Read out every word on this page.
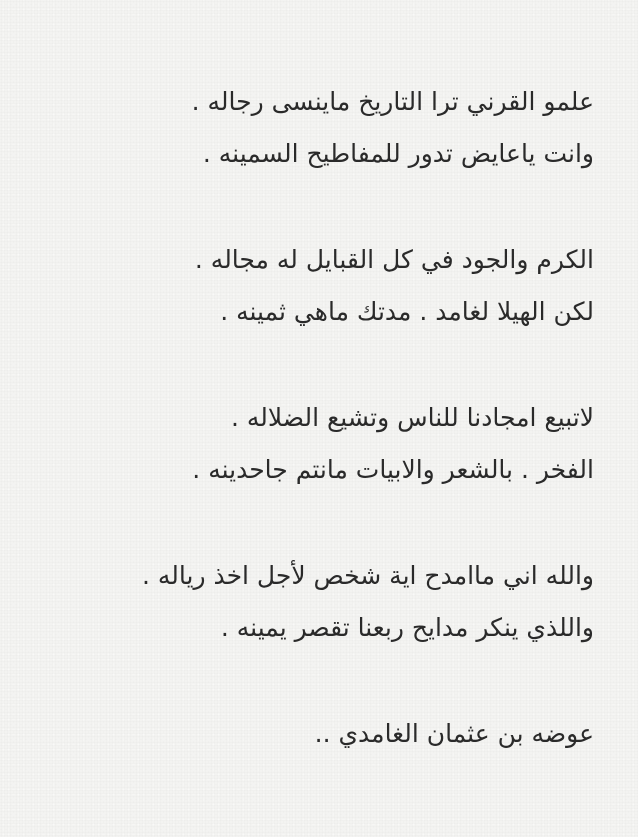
علمو القرني ترا التاريخ ماينسى رجاله .
وانت ياعايض تدور للمفاطيح السمينه .
الكرم والجود في كل القبايل له مجاله .
لكن الهيلا لغامد . مدتك ماهي ثمينه .
لاتبيع امجادنا للناس وتشيع الضلاله .
الفخر . بالشعر والابيات مانتم جاحدينه .
والله اني ماامدح اية شخص لأجل اخذ رياله .
واللذي ينكر مدايح ربعنا تقصر يمينه .
عوضه بن عثمان الغامدي ..
